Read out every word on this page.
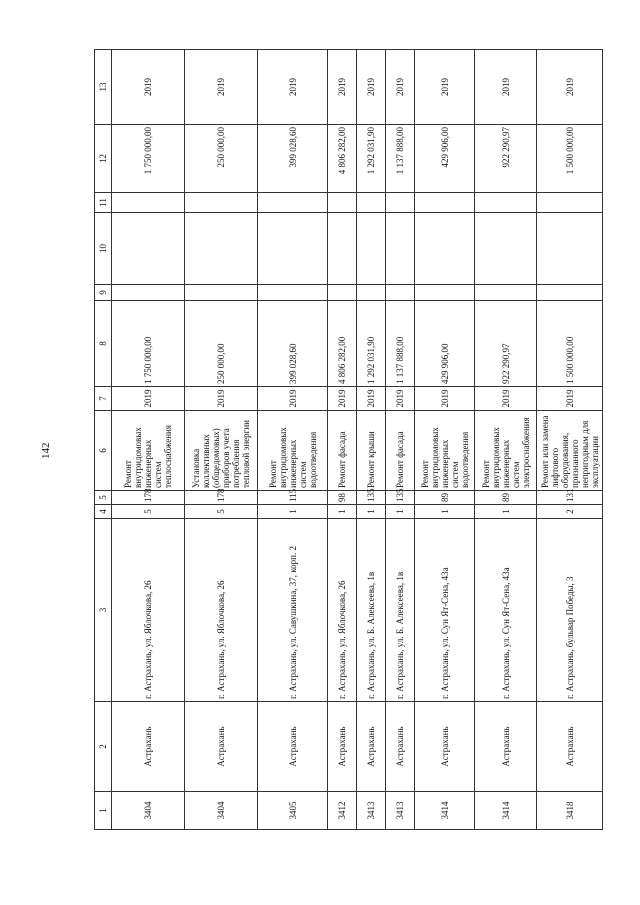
142
1	2	3	4	5	6	7	8	9	10	11	12	13
3404	Астрахань	г. Астрахань, ул. Яблочкова, 26	5	178	Ремонт внутридомовых инженерных систем теплоснабжения	2019	1 750 000,00				1 750 000,00	2019
3404	Астрахань	г. Астрахань, ул. Яблочкова, 26	5	178	Установка коллективных (общедомовых) приборов учета потребления тепловой энергии	2019	250 000,00				250 000,00	2019
3405	Астрахань	г. Астрахань, ул. Савушкина, 37, корп. 2	1	115	Ремонт внутридомовых инженерных систем водоотведения	2019	399 028,60				399 028,60	2019
3412	Астрахань	г. Астрахань, ул. Яблочкова, 26	1	98	Ремонт фасада	2019	4 806 282,00				4 806 282,00	2019
3413	Астрахань	г. Астрахань, ул. Б. Алексеева, 1в	1	135	Ремонт крыши	2019	1 292 031,90				1 292 031,90	2019
3413	Астрахань	г. Астрахань, ул. Б. Алексеева, 1в	1	135	Ремонт фасада	2019	1 137 888,00				1 137 888,00	2019
3414	Астрахань	г. Астрахань, ул. Сун Ят-Сена, 43а	1	89	Ремонт внутридомовых инженерных систем водоотведения	2019	429 906,00				429 906,00	2019
3414	Астрахань	г. Астрахань, ул. Сун Ят-Сена, 43а	1	89	Ремонт внутридомовых инженерных систем электроснабжения	2019	922 290,97				922 290,97	2019
3418	Астрахань	г. Астрахань, бульвар Победы, 3	2	131	Ремонт или замена лифтового оборудования, признанного непригодным для эксплуатации	2019	1 500 000,00				1 500 000,00	2019
